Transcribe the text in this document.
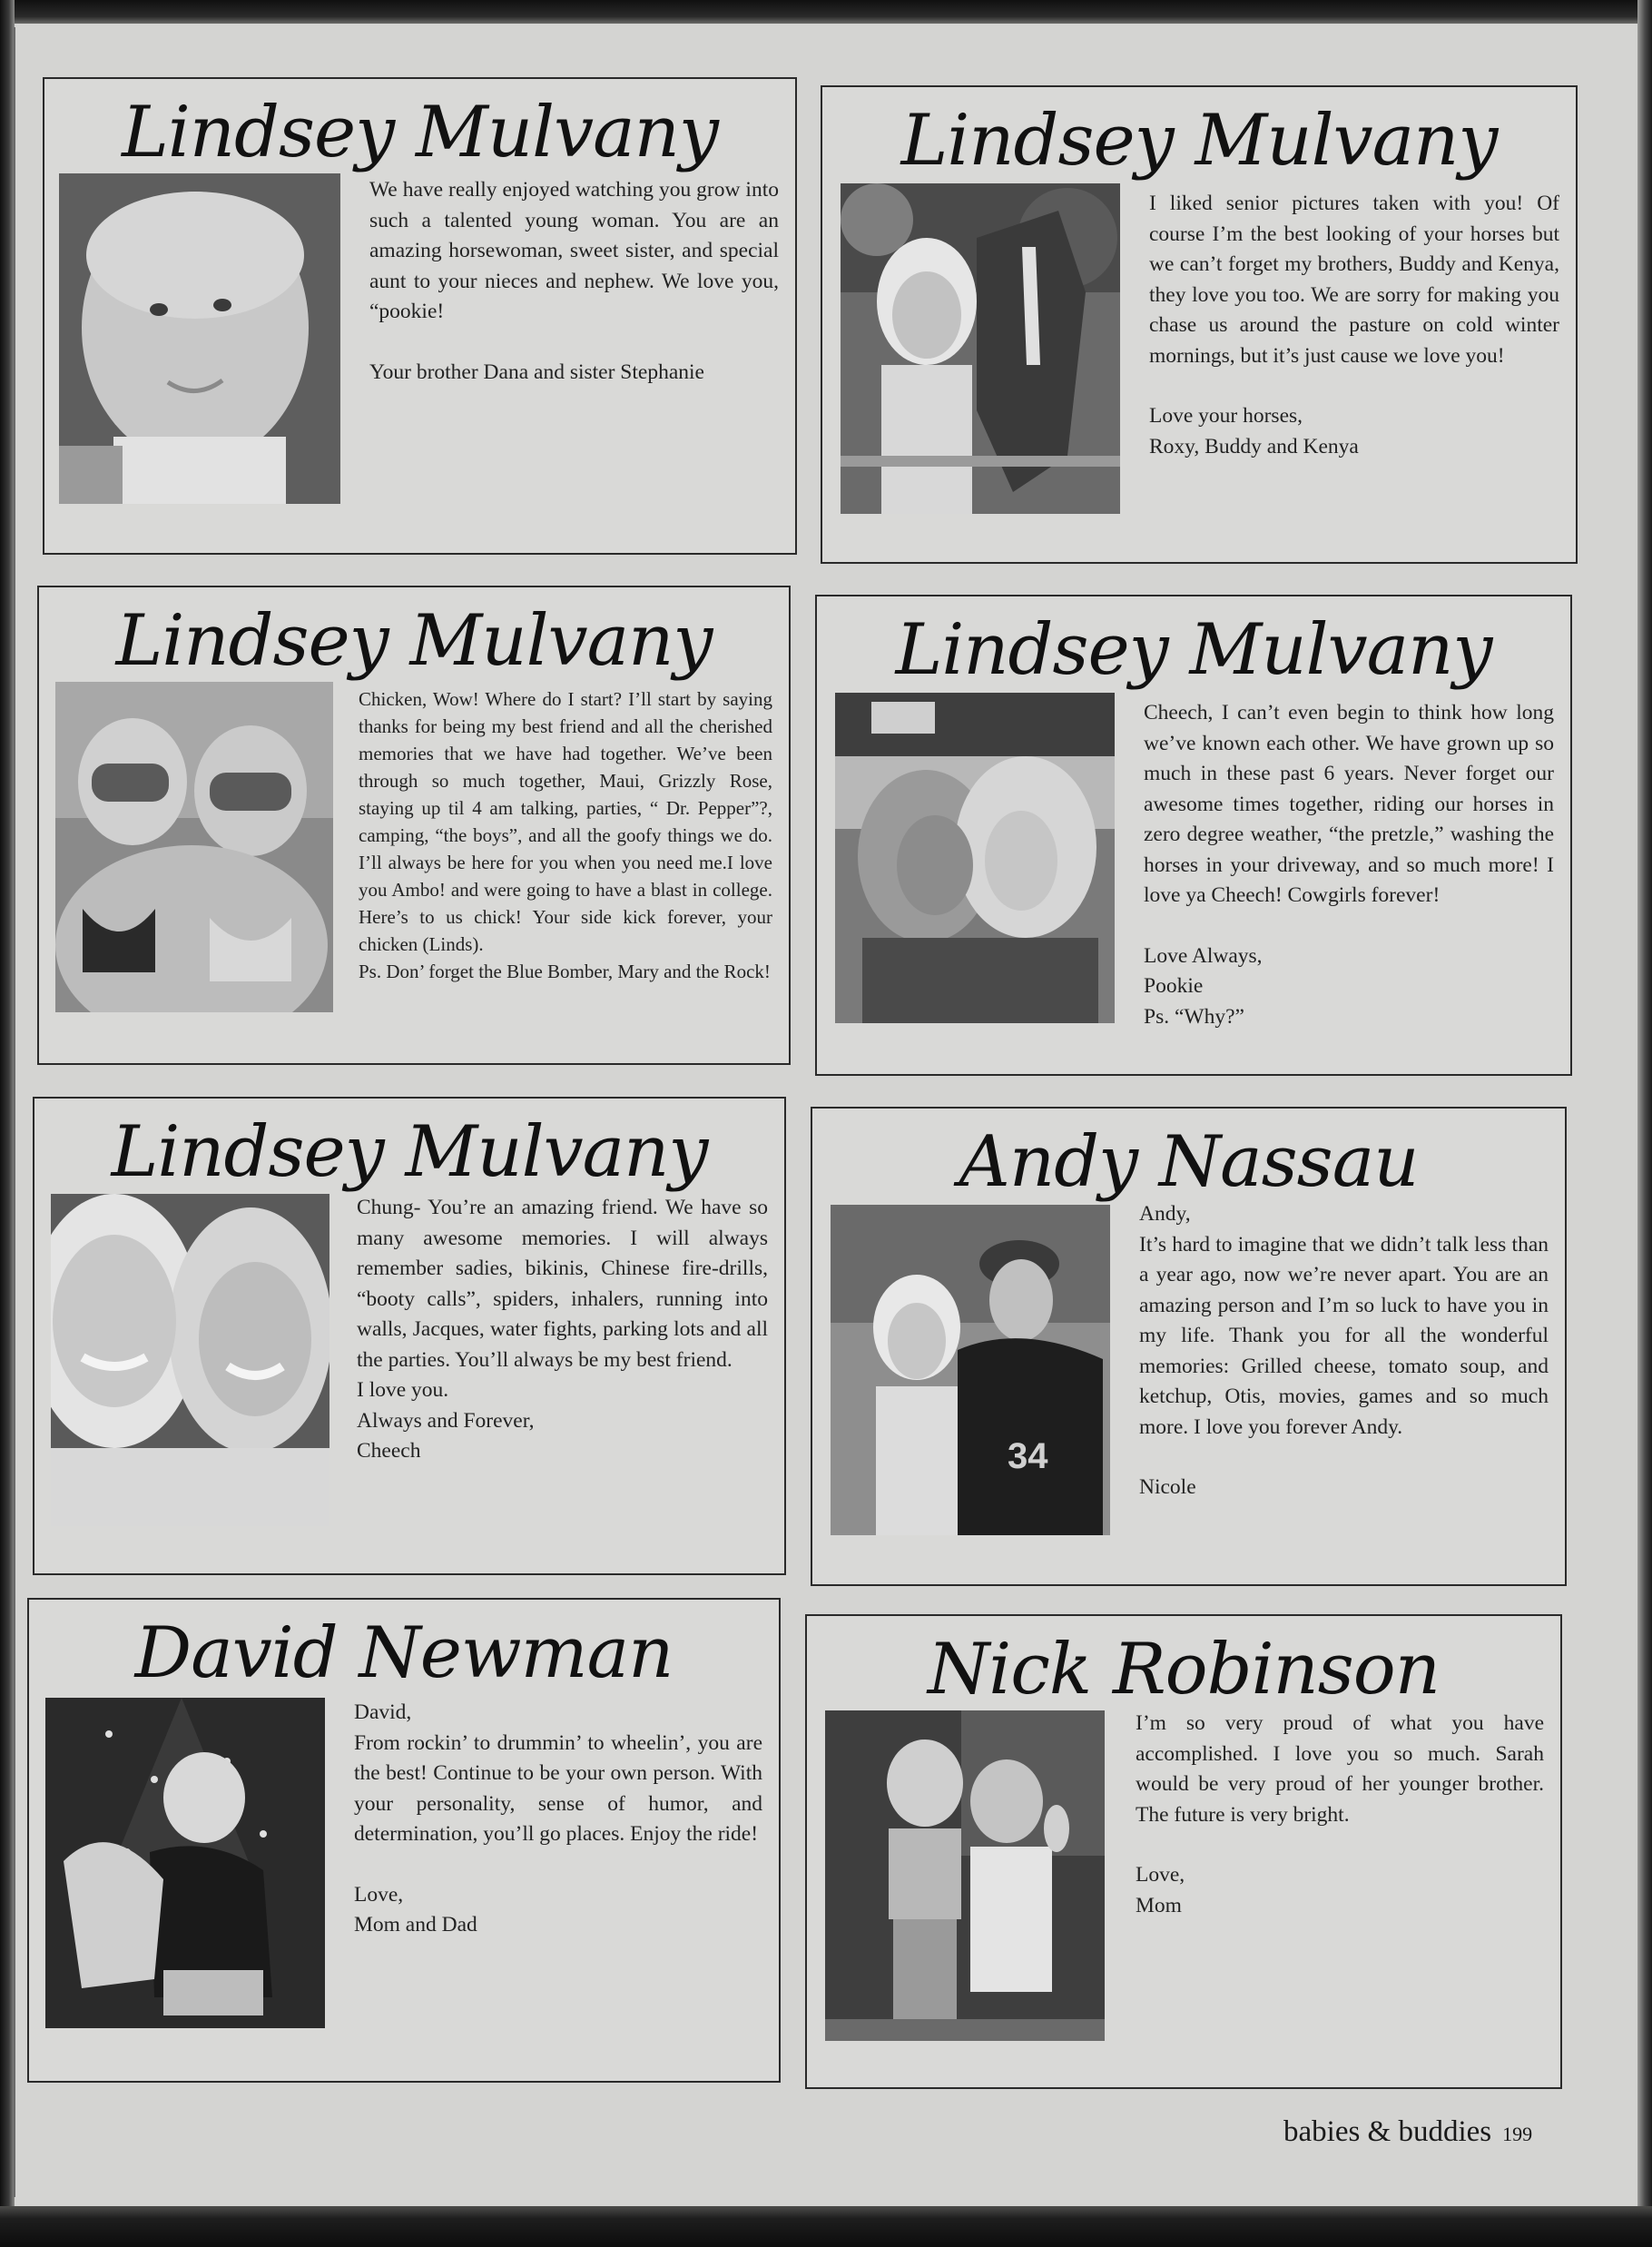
Lindsey Mulvany

We have really enjoyed watching you grow into such a talented young woman. You are an amazing horsewoman, sweet sister, and special aunt to your nieces and nephew. We love you, “pookie!

Your brother Dana and sister Stephanie

Lindsey Mulvany

I liked senior pictures taken with you! Of course I’m the best looking of your horses but we can’t forget my brothers, Buddy and Kenya, they love you too. We are sorry for making you chase us around the pasture on cold winter mornings, but it’s just cause we love you!

Love your horses,

Roxy, Buddy and Kenya

Lindsey Mulvany

Chicken, Wow! Where do I start? I’ll start by saying thanks for being my best friend and all the cherished memories that we have had together. We’ve been through so much together, Maui, Grizzly Rose, staying up til 4 am talking, parties, “ Dr. Pepper”?, camping, “the boys”, and all the goofy things we do. I’ll always be here for you when you need me.I love you Ambo! and were going to have a blast in college. Here’s to us chick! Your side kick forever, your chicken (Linds).

Ps. Don’ forget the Blue Bomber, Mary and the Rock!

Lindsey Mulvany

Cheech, I can’t even begin to think how long we’ve known each other. We have grown up so much in these past 6 years. Never forget our awesome times together, riding our horses in zero degree weather, “the pretzle,” washing the horses in your driveway, and so much more! I love ya Cheech! Cowgirls forever!

Love Always,

Pookie

Ps. “Why?”

Lindsey Mulvany

Chung- You’re an amazing friend. We have so many awesome memories. I will always remember sadies, bikinis, Chinese fire-drills, “booty calls”, spiders, inhalers, running into walls, Jacques, water fights, parking lots and all the parties. You’ll always be my best friend.

I love you.

Always and Forever,

Cheech

Andy Nassau
34

Andy,

It’s hard to imagine that we didn’t talk less than a year ago, now we’re never apart. You are an amazing person and I’m so luck to have you in my life. Thank you for all the wonderful memories: Grilled cheese, tomato soup, and ketchup, Otis, movies, games and so much more. I love you forever Andy.

Nicole

David Newman

David,

From rockin’ to drummin’ to wheelin’, you are the best! Continue to be your own person. With your personality, sense of humor, and determination, you’ll go places. Enjoy the ride!

Love,

Mom and Dad

Nick Robinson

I’m so very proud of what you have accomplished. I love you so much. Sarah would be very proud of her younger brother. The future is very bright.

Love,

Mom

babies & buddies 199
